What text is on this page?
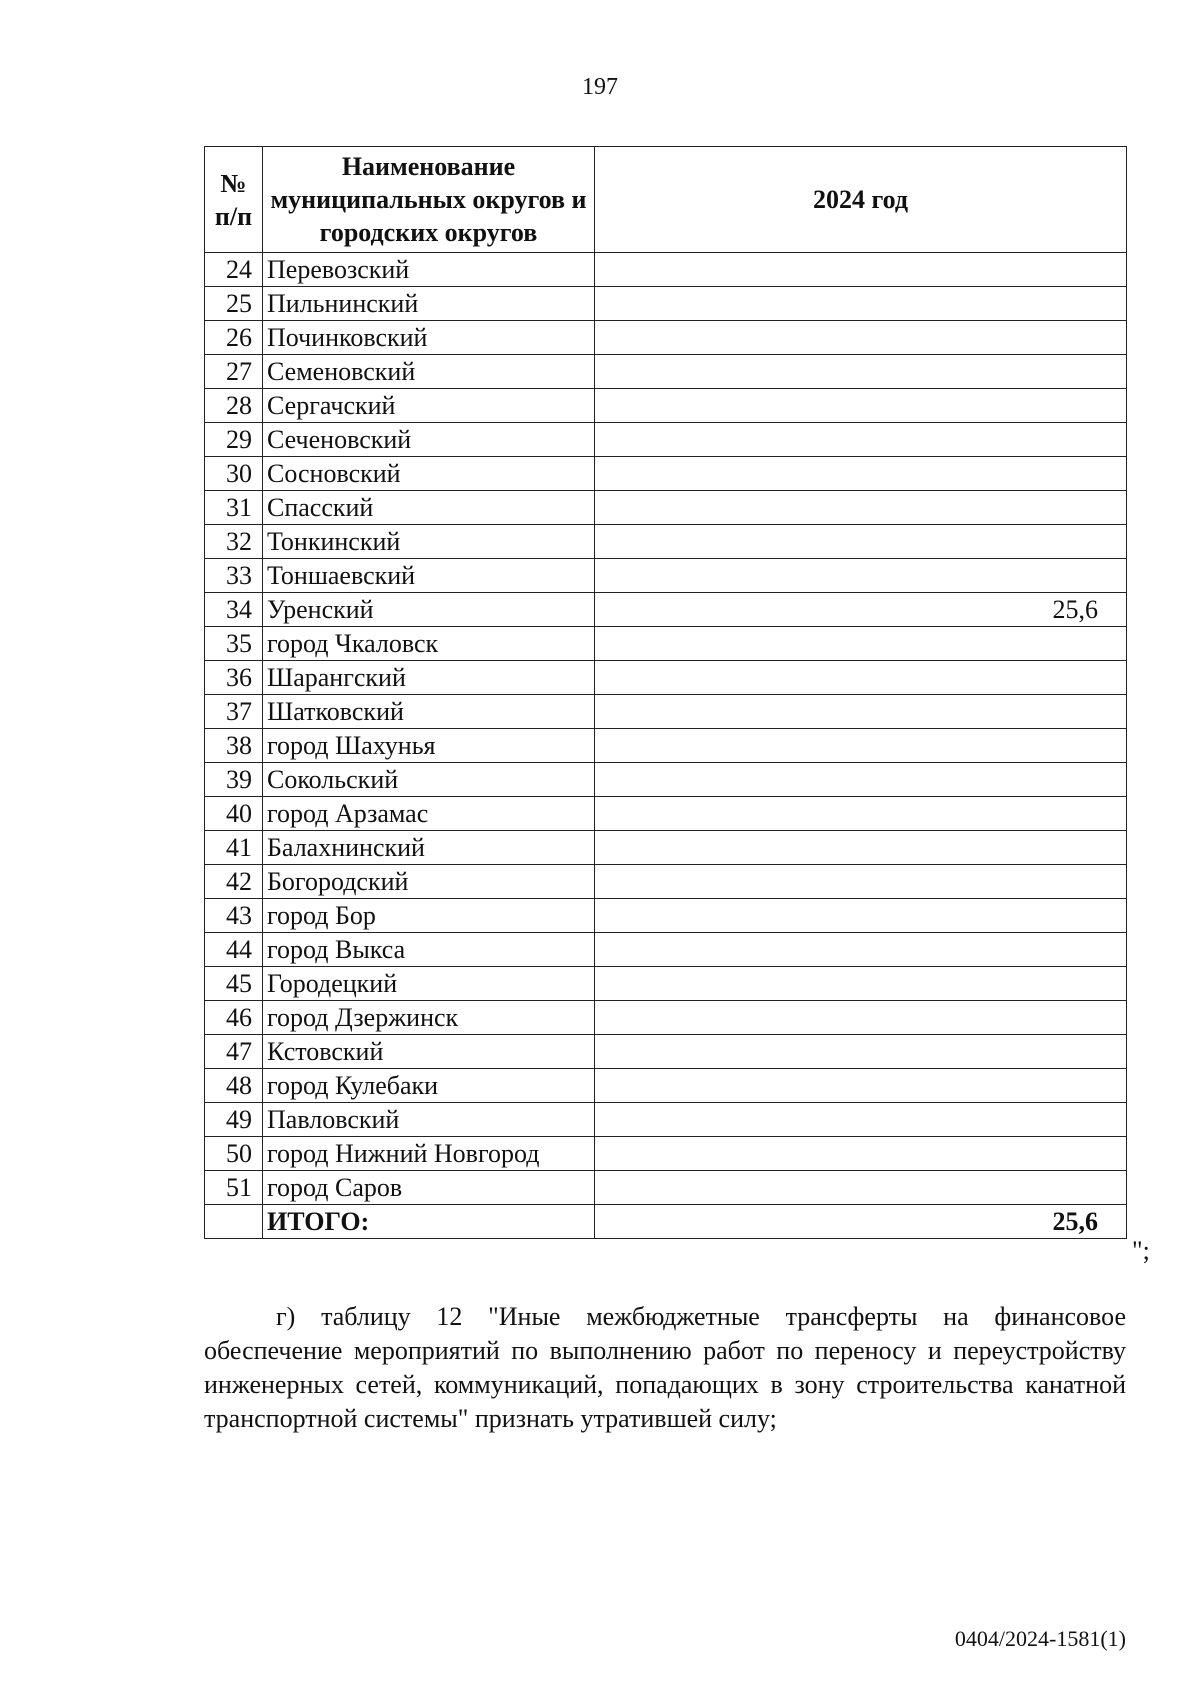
197
№ п/п	Наименование муниципальных округов и городских округов	2024 год
24	Перевозский	
25	Пильнинский	
26	Починковский	
27	Семеновский	
28	Сергачский	
29	Сеченовский	
30	Сосновский	
31	Спасский	
32	Тонкинский	
33	Тоншаевский	
34	Уренский	25,6
35	город Чкаловск	
36	Шарангский	
37	Шатковский	
38	город Шахунья	
39	Сокольский	
40	город Арзамас	
41	Балахнинский	
42	Богородский	
43	город Бор	
44	город Выкса	
45	Городецкий	
46	город Дзержинск	
47	Кстовский	
48	город Кулебаки	
49	Павловский	
50	город Нижний Новгород	
51	город Саров	
	ИТОГО:	25,6
";
г) таблицу 12 "Иные межбюджетные трансферты на финансовое обеспечение мероприятий по выполнению работ по переносу и переустройству инженерных сетей, коммуникаций, попадающих в зону строительства канатной транспортной системы" признать утратившей силу;
0404/2024-1581(1)
